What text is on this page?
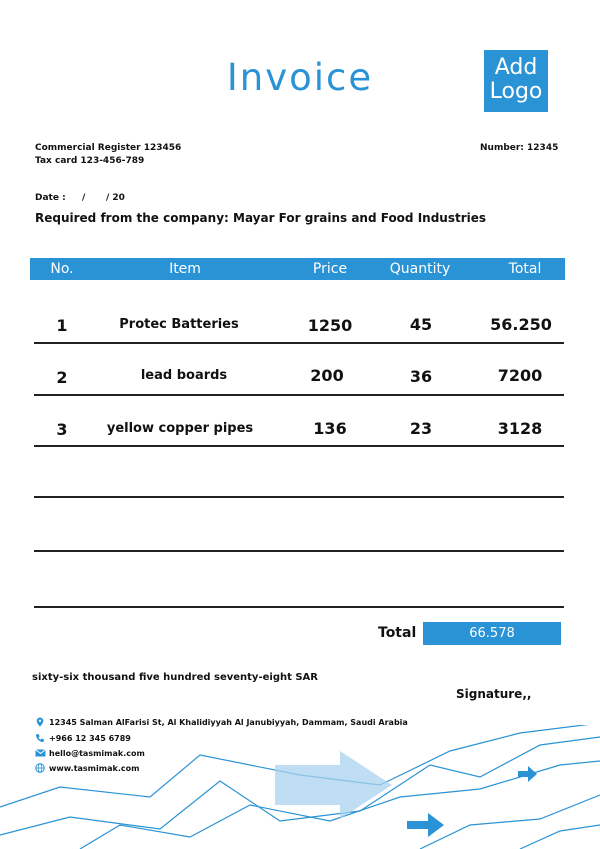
Invoice	Add
Logo
Commercial Register 123456
Tax card 123-456-789
Number: 12345
Date : / / 20
Required from the company: Mayar For grains and Food Industries
No.	Item	Price	Quantity	Total
1	Protec Batteries	1250	45	56.250
2	lead boards	200	36	7200
3	yellow copper pipes	136	23	3128
Total	66.578
sixty-six thousand five hundred seventy-eight SAR
Signature,,
12345 Salman AlFarisi St, Al Khalidiyyah Al Janubiyyah, Dammam, Saudi Arabia
+966 12 345 6789
hello@tasmimak.com
www.tasmimak.com
